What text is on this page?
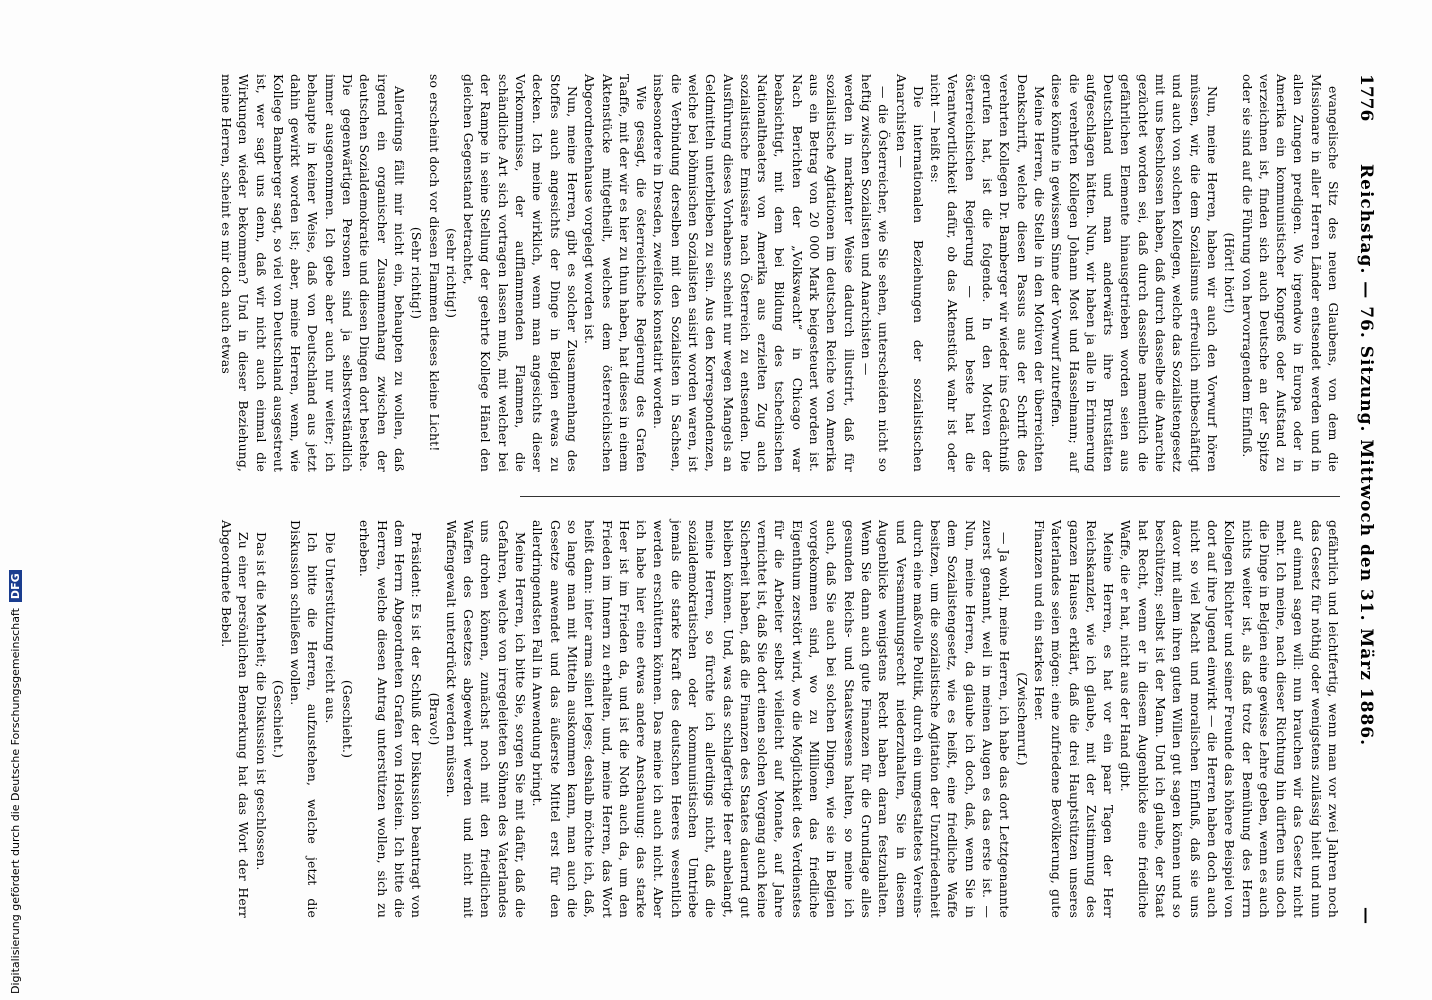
1776
Reichstag. — 76. Sitzung. Mittwoch den 31. März 1886.
—

evangelische Sitz des neuen Glaubens, von dem die Missionare in aller Herren Länder entsendet werden und in allen Zungen predigen. Wo irgendwo in Europa oder in Amerika ein kommunistischer Kongreß oder Aufstand zu verzeichnen ist, finden sich auch Deutsche an der Spitze oder sie sind auf die Führung von hervorragendem Einfluß.

(Hört! hört!)

Nun, meine Herren, haben wir auch den Vorwurf hören müssen, wir, die dem Sozialismus erfreulich mitbeschäftigt und auch von solchen Kollegen, welche das Sozialistengesetz mit uns beschlossen haben, daß durch dasselbe die Anarchie gezüchtet worden sei, daß durch dasselbe namentlich die gefährlichen Elemente hinausgetrieben worden seien aus Deutschland und man anderwärts ihre Brutstätten aufgeschlagen hätten. Nun, wir haben ja alle in Erinnerung die verehrten Kollegen Johann Most und Hasselmann; auf diese könnte in gewissem Sinne der Vorwurf zutreffen.

Meine Herren, die Stelle in den Motiven der überreichten Denkschrift, welche diesen Passus aus der Schrift des verehrten Kollegen Dr. Bamberger wir wieder ins Gedächtniß gerufen hat, ist die folgende. In den Motiven der österreichischen Regierung — und beste hat die Verantwortlichkeit dafür, ob das Aktenstück wahr ist oder nicht — heißt es:

Die internationalen Beziehungen der sozialistischen Anarchisten —

— die Österreicher, wie Sie sehen, unterscheiden nicht so heftig zwischen Sozialisten und Anarchisten —

werden in markanter Weise dadurch illustrirt, daß für sozialistische Agitationen im deutschen Reiche von Amerika aus ein Betrag von 20 000 Mark beigesteuert worden ist. Nach Berichten der „Volkswacht“ in Chicago war beabsichtigt, mit dem bei Bildung des tschechischen Nationaltheaters von Amerika aus erzielten Zug auch sozialistische Emissäre nach Österreich zu entsenden. Die Ausführung dieses Vorhabens scheint nur wegen Mangels an Geldmitteln unterblieben zu sein. Aus den Korrespondenzen, welche bei böhmischen Sozialisten saisirt worden waren, ist die Verbindung derselben mit den Sozialisten in Sachsen, insbesondere in Dresden, zweifellos konstatirt worden.

Wie gesagt, die österreichische Regierung des Grafen Taaffe, mit der wir es hier zu thun haben, hat dieses in einem Aktenstücke mitgetheilt, welches dem österreichischen Abgeordnetenhause vorgelegt worden ist.

Nun, meine Herren, gibt es solcher Zusammenhang des Stoffes auch angesichts der Dinge in Belgien etwas zu decken. Ich meine wirklich, wenn man angesichts dieser Vorkommnisse, der aufflammenden Flammen, die schändliche Art sich vortragen lassen muß, mit welcher bei der Rampe in seine Stellung der geehrte Kollege Hänel den gleichen Gegenstand betrachtet,

(sehr richtig!)

so erscheint doch vor diesen Flammen dieses kleine Licht!

(Sehr richtig!)

Allerdings fällt mir nicht ein, behaupten zu wollen, daß irgend ein organischer Zusammenhang zwischen der deutschen Sozialdemokratie und diesen Dingen dort bestehe. Die gegenwärtigen Personen sind ja selbstverständlich immer ausgenommen. Ich gebe aber auch nur weiter; ich behaupte in keiner Weise, daß von Deutschland aus jetzt dahin gewirkt worden ist; aber, meine Herren, wenn, wie Kollege Bamberger sagt, so viel von Deutschland ausgestreut ist, wer sagt uns denn, daß wir nicht auch einmal die Wirkungen wieder bekommen? Und in dieser Beziehung, meine Herren, scheint es mir doch auch etwas

gefährlich und leichtfertig, wenn man vor zwei Jahren noch das Gesetz für nöthig oder wenigstens zulässig hielt und nun auf einmal sagen will: nun brauchen wir das Gesetz nicht mehr. Ich meine, nach dieser Richtung hin dürften uns doch die Dinge in Belgien eine gewisse Lehre geben, wenn es auch nichts weiter ist, als daß trotz der Bemühung des Herrn Kollegen Richter und seiner Freunde das höhere Beispiel von dort auf ihre Jugend einwirkt — die Herren haben doch auch nicht so viel Macht und moralischen Einfluß, daß sie uns davor mit allem ihren guten Willen gut sagen können und so beschützen; selbst ist der Mann. Und ich glaube, der Staat hat Recht, wenn er in diesem Augenblicke eine friedliche Waffe, die er hat, nicht aus der Hand gibt.

Meine Herren, es hat vor ein paar Tagen der Herr Reichskanzler, wie ich glaube, mit der Zustimmung des ganzen Hauses erklärt, daß die drei Hauptstützen unseres Vaterlandes seien mögen: eine zufriedene Bevölkerung, gute Finanzen und ein starkes Heer.

(Zwischenruf.)

— Ja wohl, meine Herren, ich habe das dort Letztgenannte zuerst genannt, weil in meinen Augen es das erste ist. — Nun, meine Herren, da glaube ich doch, daß, wenn Sie in dem Sozialistengesetz, wie es heißt, eine friedliche Waffe besitzen, um die sozialistische Agitation der Unzufriedenheit durch eine maßvolle Politik, durch ein umgestaltetes Vereins- und Versammlungsrecht niederzuhalten, Sie in diesem Augenblicke wenigstens Recht haben daran festzuhalten. Wenn Sie dann auch gute Finanzen für die Grundlage alles gesunden Reichs- und Staatswesens halten, so meine ich auch, daß Sie auch bei solchen Dingen, wie sie in Belgien vorgekommen sind, wo zu Millionen das friedliche Eigenthum zerstört wird, wo die Möglichkeit des Verdienstes für die Arbeiter selbst vielleicht auf Monate, auf Jahre vernichtet ist, daß Sie dort einen solchen Vorgang auch keine Sicherheit haben, daß die Finanzen des Staates dauernd gut bleiben können. Und, was das schlagfertige Heer anbelangt, meine Herren, so fürchte ich allerdings nicht, daß die sozialdemokratischen oder kommunistischen Umtriebe jemals die starke Kraft des deutschen Heeres wesentlich werden erschüttern können. Das meine ich auch nicht. Aber ich habe hier eine etwas andere Anschauung: das starke Heer ist im Frieden da, und ist die Noth auch da, um den Frieden im Innern zu erhalten, und, meine Herren, das Wort heißt dann: inter arma silent leges; deshalb möchte ich, daß, so lange man mit Mitteln auskommen kann, man auch die Gesetze anwendet und das äußerste Mittel erst für den allerdringendsten Fall in Anwendung bringt.

Meine Herren, ich bitte Sie, sorgen Sie mit dafür, daß die Gefahren, welche von irregeleiteten Söhnen des Vaterlandes uns drohen können, zunächst noch mit den friedlichen Waffen des Gesetzes abgewehrt werden und nicht mit Waffengewalt unterdrückt werden müssen.

(Bravo!)

Präsident: Es ist der Schluß der Diskussion beantragt von dem Herrn Abgeordneten Grafen von Holstein. Ich bitte die Herren, welche diesen Antrag unterstützen wollen, sich zu erheben.

(Geschieht.)

Die Unterstützung reicht aus.

Ich bitte die Herren, aufzustehen, welche jetzt die Diskussion schließen wollen.

(Geschieht.)

Das ist die Mehrheit; die Diskussion ist geschlossen.

Zu einer persönlichen Bemerkung hat das Wort der Herr Abgeordnete Bebel.

Digitalisierung gefördert durch die Deutsche ForschungsgemeinschaftDFG
